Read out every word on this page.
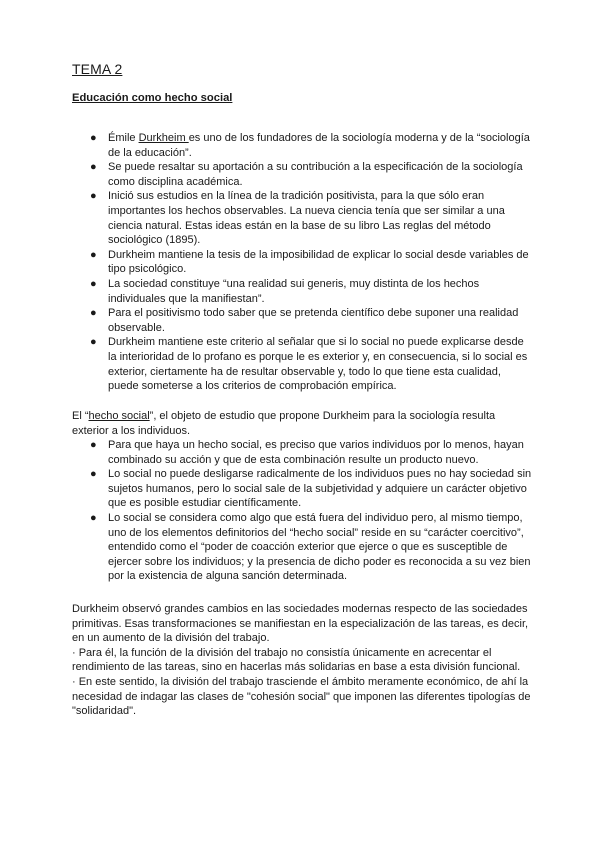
TEMA 2
Educación como hecho social
● Émile Durkheim es uno de los fundadores de la sociología moderna y de la “sociología de la educación”.
● Se puede resaltar su aportación a su contribución a la especificación de la sociología como disciplina académica.
● Inició sus estudios en la línea de la tradición positivista, para la que sólo eran importantes los hechos observables. La nueva ciencia tenía que ser similar a una ciencia natural. Estas ideas están en la base de su libro Las reglas del método sociológico (1895).
● Durkheim mantiene la tesis de la imposibilidad de explicar lo social desde variables de tipo psicológico.
● La sociedad constituye “una realidad sui generis, muy distinta de los hechos individuales que la manifiestan”.
● Para el positivismo todo saber que se pretenda científico debe suponer una realidad observable.
● Durkheim mantiene este criterio al señalar que si lo social no puede explicarse desde la interioridad de lo profano es porque le es exterior y, en consecuencia, si lo social es exterior, ciertamente ha de resultar observable y, todo lo que tiene esta cualidad, puede someterse a los criterios de comprobación empírica.
El “hecho social”, el objeto de estudio que propone Durkheim para la sociología resulta exterior a los individuos.
● Para que haya un hecho social, es preciso que varios individuos por lo menos, hayan combinado su acción y que de esta combinación resulte un producto nuevo.
● Lo social no puede desligarse radicalmente de los individuos pues no hay sociedad sin sujetos humanos, pero lo social sale de la subjetividad y adquiere un carácter objetivo que es posible estudiar científicamente.
● Lo social se considera como algo que está fuera del individuo pero, al mismo tiempo, uno de los elementos definitorios del “hecho social” reside en su “carácter coercitivo”, entendido como el “poder de coacción exterior que ejerce o que es susceptible de ejercer sobre los individuos; y la presencia de dicho poder es reconocida a su vez bien por la existencia de alguna sanción determinada.
Durkheim observó grandes cambios en las sociedades modernas respecto de las sociedades primitivas. Esas transformaciones se manifiestan en la especialización de las tareas, es decir, en un aumento de la división del trabajo.
· Para él, la función de la división del trabajo no consistía únicamente en acrecentar el rendimiento de las tareas, sino en hacerlas más solidarias en base a esta división funcional.
· En este sentido, la división del trabajo trasciende el ámbito meramente económico, de ahí la necesidad de indagar las clases de "cohesión social" que imponen las diferentes tipologías de "solidaridad".
